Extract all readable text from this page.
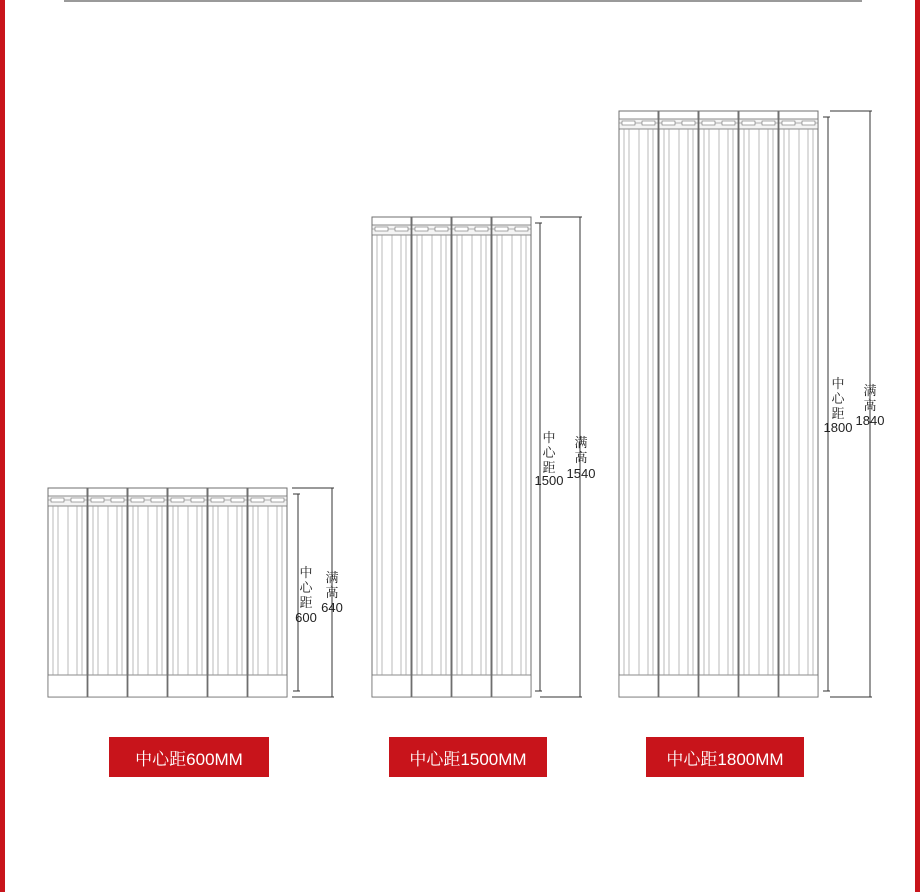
中
心
距
600
满
高
640
中
心
距
1500
满
高
1540
中
心
距
1800
满
高
1840
中心距600MM	中心距1500MM	中心距1800MM
